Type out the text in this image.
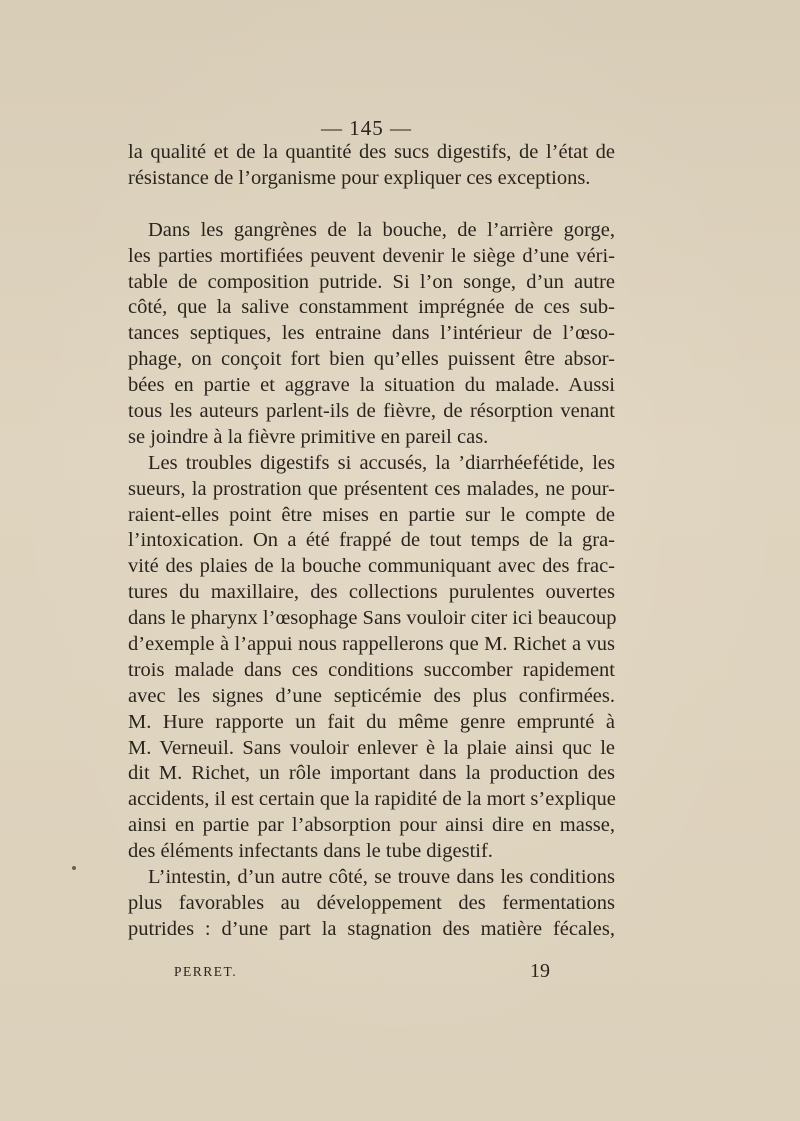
— 145 —
la qualité et de la quantité des sucs digestifs, de l’état de
résistance de l’organisme pour expliquer ces exceptions.
Dans les gangrènes de la bouche, de l’arrière gorge,
les parties mortifiées peuvent devenir le siège d’une véri-
table de composition putride. Si l’on songe, d’un autre
côté, que la salive constamment imprégnée de ces sub-
tances septiques, les entraine dans l’intérieur de l’œso-
phage, on conçoit fort bien qu’elles puissent être absor-
bées en partie et aggrave la situation du malade. Aussi
tous les auteurs parlent-ils de fièvre, de résorption venant
se joindre à la fièvre primitive en pareil cas.
Les troubles digestifs si accusés, la ’diarrhéefétide, les
sueurs, la prostration que présentent ces malades, ne pour-
raient-elles point être mises en partie sur le compte de
l’intoxication. On a été frappé de tout temps de la gra-
vité des plaies de la bouche communiquant avec des frac-
tures du maxillaire, des collections purulentes ouvertes
dans le pharynx l’œsophage Sans vouloir citer ici beaucoup
d’exemple à l’appui nous rappellerons que M. Richet a vus
trois malade dans ces conditions succomber rapidement
avec les signes d’une septicémie des plus confirmées.
M. Hure rapporte un fait du même genre emprunté à
M. Verneuil. Sans vouloir enlever è la plaie ainsi quc le
dit M. Richet, un rôle important dans la production des
accidents, il est certain que la rapidité de la mort s’explique
ainsi en partie par l’absorption pour ainsi dire en masse,
des éléments infectants dans le tube digestif.
L’intestin, d’un autre côté, se trouve dans les conditions
plus favorables au développement des fermentations
putrides : d’une part la stagnation des matière fécales,
PERRET.	19
